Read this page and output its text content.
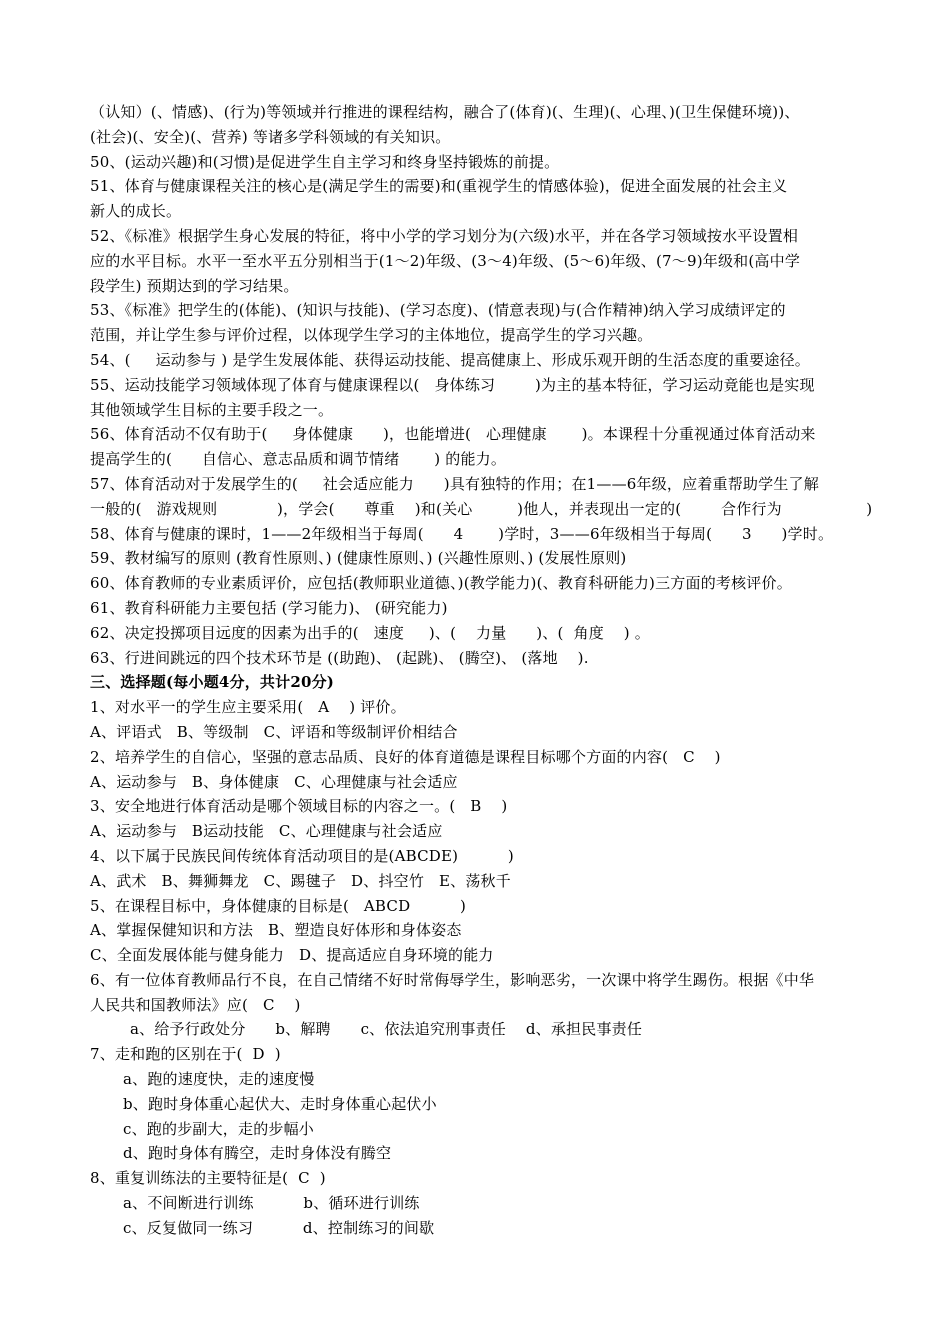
（认知）(、情感)、(行为)等领域并行推进的课程结构，融合了(体育)(、生理)(、心理、)(卫生保健环境))、
(社会)(、安全)(、营养) 等诸多学科领域的有关知识。
50、(运动兴趣)和(习惯)是促进学生自主学习和终身坚持锻炼的前提。
51、体育与健康课程关注的核心是(满足学生的需要)和(重视学生的情感体验)，促进全面发展的社会主义
新人的成长。
52、《标准》根据学生身心发展的特征，将中小学的学习划分为(六级)水平，并在各学习领域按水平设置相
应的水平目标。水平一至水平五分别相当于(1～2)年级、(3～4)年级、(5～6)年级、(7～9)年级和(高中学
段学生) 预期达到的学习结果。
53、《标准》把学生的(体能)、(知识与技能)、(学习态度)、(情意表现)与(合作精神)纳入学习成绩评定的
范围，并让学生参与评价过程，以体现学生学习的主体地位，提高学生的学习兴趣。
54、(     运动参与 ) 是学生发展体能、获得运动技能、提高健康上、形成乐观开朗的生活态度的重要途径。
55、运动技能学习领域体现了体育与健康课程以(   身体练习        )为主的基本特征，学习运动竟能也是实现
其他领域学生目标的主要手段之一。
56、体育活动不仅有助于(     身体健康      )，也能增进(   心理健康       )。本课程十分重视通过体育活动来
提高学生的(      自信心、意志品质和调节情绪       ) 的能力。
57、体育活动对于发展学生的(     社会适应能力      )具有独特的作用；在1——6年级，应着重帮助学生了解
一般的(   游戏规则            )，学会(      尊重    )和(关心         )他人，并表现出一定的(        合作行为                 )
58、体育与健康的课时，1——2年级相当于每周(      4       )学时，3——6年级相当于每周(      3      )学时。
59、教材编写的原则 (教育性原则、) (健康性原则、) (兴趣性原则、) (发展性原则)
60、体育教师的专业素质评价，应包括(教师职业道德、)(教学能力)(、教育科研能力)三方面的考核评价。
61、教育科研能力主要包括 (学习能力)、 (研究能力)
62、决定投掷项目远度的因素为出手的(   速度     )、(    力量      )、(  角度    ) 。
63、行进间跳远的四个技术环节是 ((助跑)、 (起跳)、 (腾空)、 (落地    ).
三、选择题(每小题4分，共计20分)
1、对水平一的学生应主要采用(   A    ) 评价。
A、评语式   B、等级制   C、评语和等级制评价相结合
2、培养学生的自信心，坚强的意志品质、良好的体育道德是课程目标哪个方面的内容(   C    )
A、运动参与   B、身体健康   C、心理健康与社会适应
3、安全地进行体育活动是哪个领域目标的内容之一。(   B    )
A、运动参与   B运动技能   C、心理健康与社会适应
4、以下属于民族民间传统体育活动项目的是(ABCDE)          )
A、武术   B、舞狮舞龙   C、踢毽子   D、抖空竹   E、荡秋千
5、在课程目标中，身体健康的目标是(   ABCD          )
A、掌握保健知识和方法   B、塑造良好体形和身体姿态
C、全面发展体能与健身能力   D、提高适应自身环境的能力
6、有一位体育教师品行不良，在自己情绪不好时常侮辱学生，影响恶劣，一次课中将学生踢伤。根据《中华
人民共和国教师法》应(   C    )
a、给予行政处分      b、解聘      c、依法追究刑事责任    d、承担民事责任
7、走和跑的区别在于(  D  )
a、跑的速度快，走的速度慢
b、跑时身体重心起伏大、走时身体重心起伏小
c、跑的步副大，走的步幅小
d、跑时身体有腾空，走时身体没有腾空
8、重复训练法的主要特征是(  C  )
a、不间断进行训练          b、循环进行训练
c、反复做同一练习          d、控制练习的间歇
